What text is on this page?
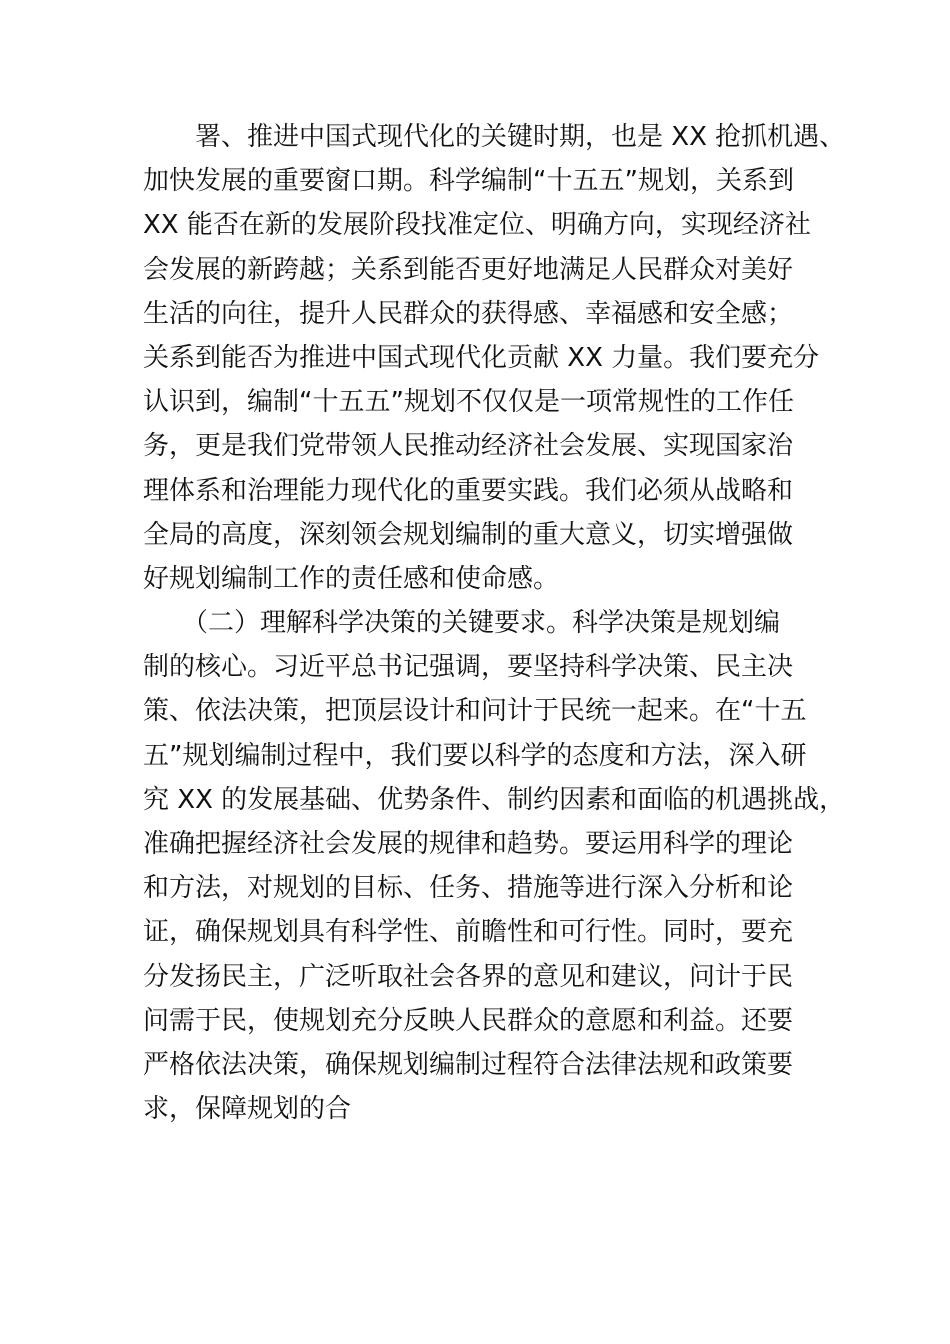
　　署、推进中国式现代化的关键时期，也是 XX 抢抓机遇、
加快发展的重要窗口期。科学编制“十五五”规划，关系到
XX 能否在新的发展阶段找准定位、明确方向，实现经济社
会发展的新跨越；关系到能否更好地满足人民群众对美好
生活的向往，提升人民群众的获得感、幸福感和安全感；
关系到能否为推进中国式现代化贡献 XX 力量。我们要充分
认识到，编制“十五五”规划不仅仅是一项常规性的工作任
务，更是我们党带领人民推动经济社会发展、实现国家治
理体系和治理能力现代化的重要实践。我们必须从战略和
全局的高度，深刻领会规划编制的重大意义，切实增强做
好规划编制工作的责任感和使命感。
　　（二）理解科学决策的关键要求。科学决策是规划编
制的核心。习近平总书记强调，要坚持科学决策、民主决
策、依法决策，把顶层设计和问计于民统一起来。在“十五
五”规划编制过程中，我们要以科学的态度和方法，深入研
究 XX 的发展基础、优势条件、制约因素和面临的机遇挑战，
准确把握经济社会发展的规律和趋势。要运用科学的理论
和方法，对规划的目标、任务、措施等进行深入分析和论
证，确保规划具有科学性、前瞻性和可行性。同时，要充
分发扬民主，广泛听取社会各界的意见和建议，问计于民
问需于民，使规划充分反映人民群众的意愿和利益。还要
严格依法决策，确保规划编制过程符合法律法规和政策要
求，保障规划的合
